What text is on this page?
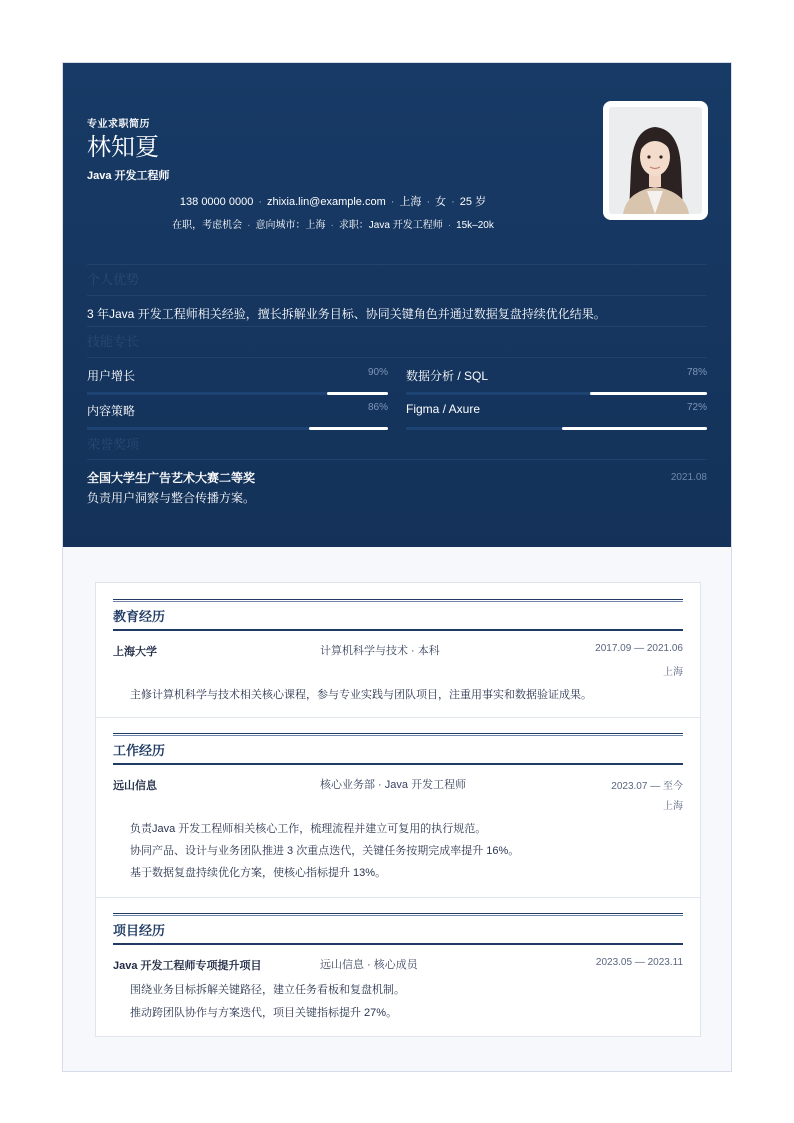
专业求职简历
林知夏
Java 开发工程师
138 0000 0000 · zhixia.lin@example.com · 上海 · 女 · 25 岁
在职，考虑机会 · 意向城市：上海 · 求职：Java 开发工程师 · 15k–20k
个人优势
3 年Java 开发工程师相关经验，擅长拆解业务目标、协同关键角色并通过数据复盘持续优化结果。
技能专长
用户增长	90% 数据分析 / SQL	78%
内容策略	86% Figma / Axure	72%
荣誉奖项
全国大学生广告艺术大赛二等奖	2021.08
负责用户洞察与整合传播方案。
教育经历
上海大学	计算机科学与技术 · 本科	2017.09 — 2021.06
上海
主修计算机科学与技术相关核心课程，参与专业实践与团队项目，注重用事实和数据验证成果。
工作经历
远山信息	核心业务部 · Java 开发工程师	2023.07 — 至今
上海
负责Java 开发工程师相关核心工作，梳理流程并建立可复用的执行规范。
协同产品、设计与业务团队推进 3 次重点迭代，关键任务按期完成率提升 16%。
基于数据复盘持续优化方案，使核心指标提升 13%。
项目经历
Java 开发工程师专项提升项目	远山信息 · 核心成员	2023.05 — 2023.11
围绕业务目标拆解关键路径，建立任务看板和复盘机制。
推动跨团队协作与方案迭代，项目关键指标提升 27%。
